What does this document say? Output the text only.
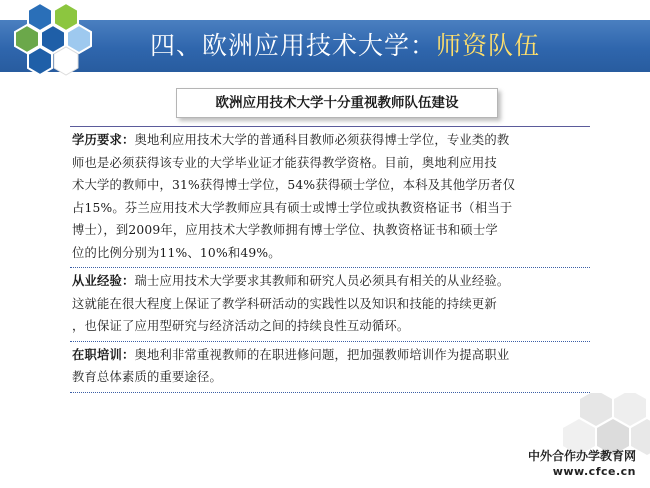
四、欧洲应用技术大学：师资队伍
欧洲应用技术大学十分重视教师队伍建设
学历要求：奥地利应用技术大学的普通科目教师必须获得博士学位，专业类的教
师也是必须获得该专业的大学毕业证才能获得教学资格。目前，奥地利应用技
术大学的教师中，31%获得博士学位，54%获得硕士学位，本科及其他学历者仅
占15%。芬兰应用技术大学教师应具有硕士或博士学位或执教资格证书（相当于
博士），到2009年，应用技术大学教师拥有博士学位、执教资格证书和硕士学
位的比例分别为11%、10%和49%。
从业经验：瑞士应用技术大学要求其教师和研究人员必须具有相关的从业经验。
这就能在很大程度上保证了教学科研活动的实践性以及知识和技能的持续更新
，也保证了应用型研究与经济活动之间的持续良性互动循环。
在职培训：奥地利非常重视教师的在职进修问题，把加强教师培训作为提高职业
教育总体素质的重要途径。
中外合作办学教育网
www.cfce.cn
